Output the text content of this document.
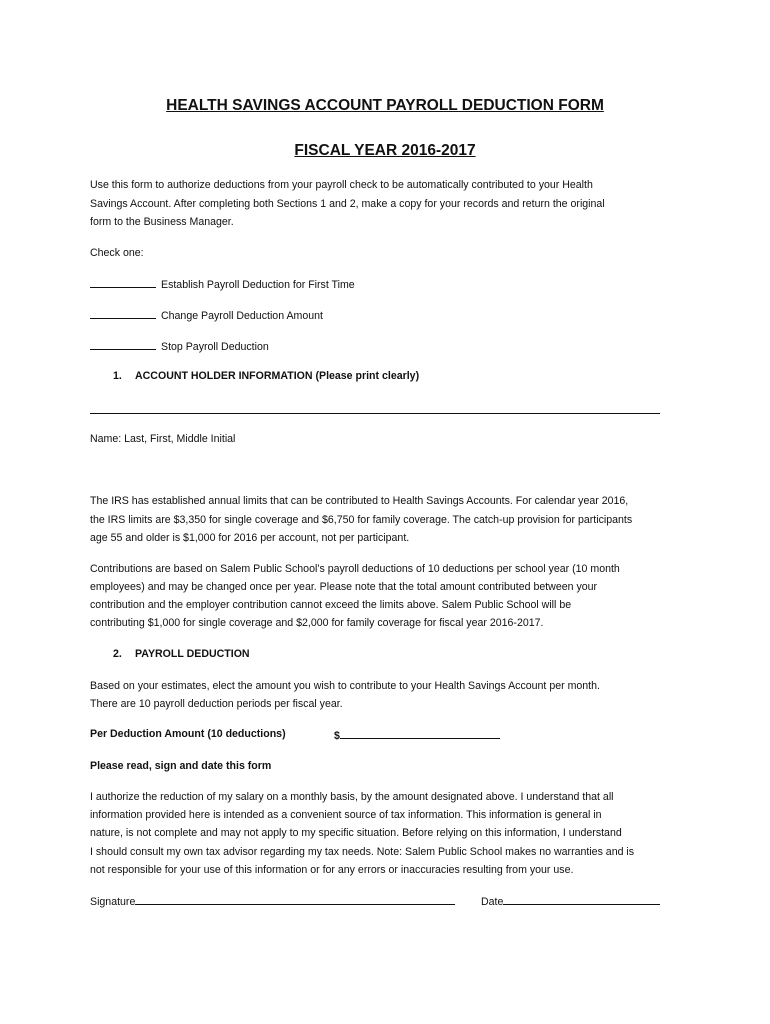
HEALTH SAVINGS ACCOUNT PAYROLL DEDUCTION FORM
FISCAL YEAR 2016-2017
Use this form to authorize deductions from your payroll check to be automatically contributed to your Health
Savings Account. After completing both Sections 1 and 2, make a copy for your records and return the original
form to the Business Manager.
Check one:
Establish Payroll Deduction for First Time
Change Payroll Deduction Amount
Stop Payroll Deduction
1. ACCOUNT HOLDER INFORMATION (Please print clearly)
Name: Last, First, Middle Initial
The IRS has established annual limits that can be contributed to Health Savings Accounts. For calendar year 2016,
the IRS limits are $3,350 for single coverage and $6,750 for family coverage. The catch-up provision for participants
age 55 and older is $1,000 for 2016 per account, not per participant.
Contributions are based on Salem Public School’s payroll deductions of 10 deductions per school year (10 month
employees) and may be changed once per year. Please note that the total amount contributed between your
contribution and the employer contribution cannot exceed the limits above. Salem Public School will be
contributing $1,000 for single coverage and $2,000 for family coverage for fiscal year 2016-2017.
2. PAYROLL DEDUCTION
Based on your estimates, elect the amount you wish to contribute to your Health Savings Account per month.
There are 10 payroll deduction periods per fiscal year.
Per Deduction Amount (10 deductions)	$
Please read, sign and date this form
I authorize the reduction of my salary on a monthly basis, by the amount designated above. I understand that all
information provided here is intended as a convenient source of tax information. This information is general in
nature, is not complete and may not apply to my specific situation. Before relying on this information, I understand
I should consult my own tax advisor regarding my tax needs. Note: Salem Public School makes no warranties and is
not responsible for your use of this information or for any errors or inaccuracies resulting from your use.
Signature	Date
